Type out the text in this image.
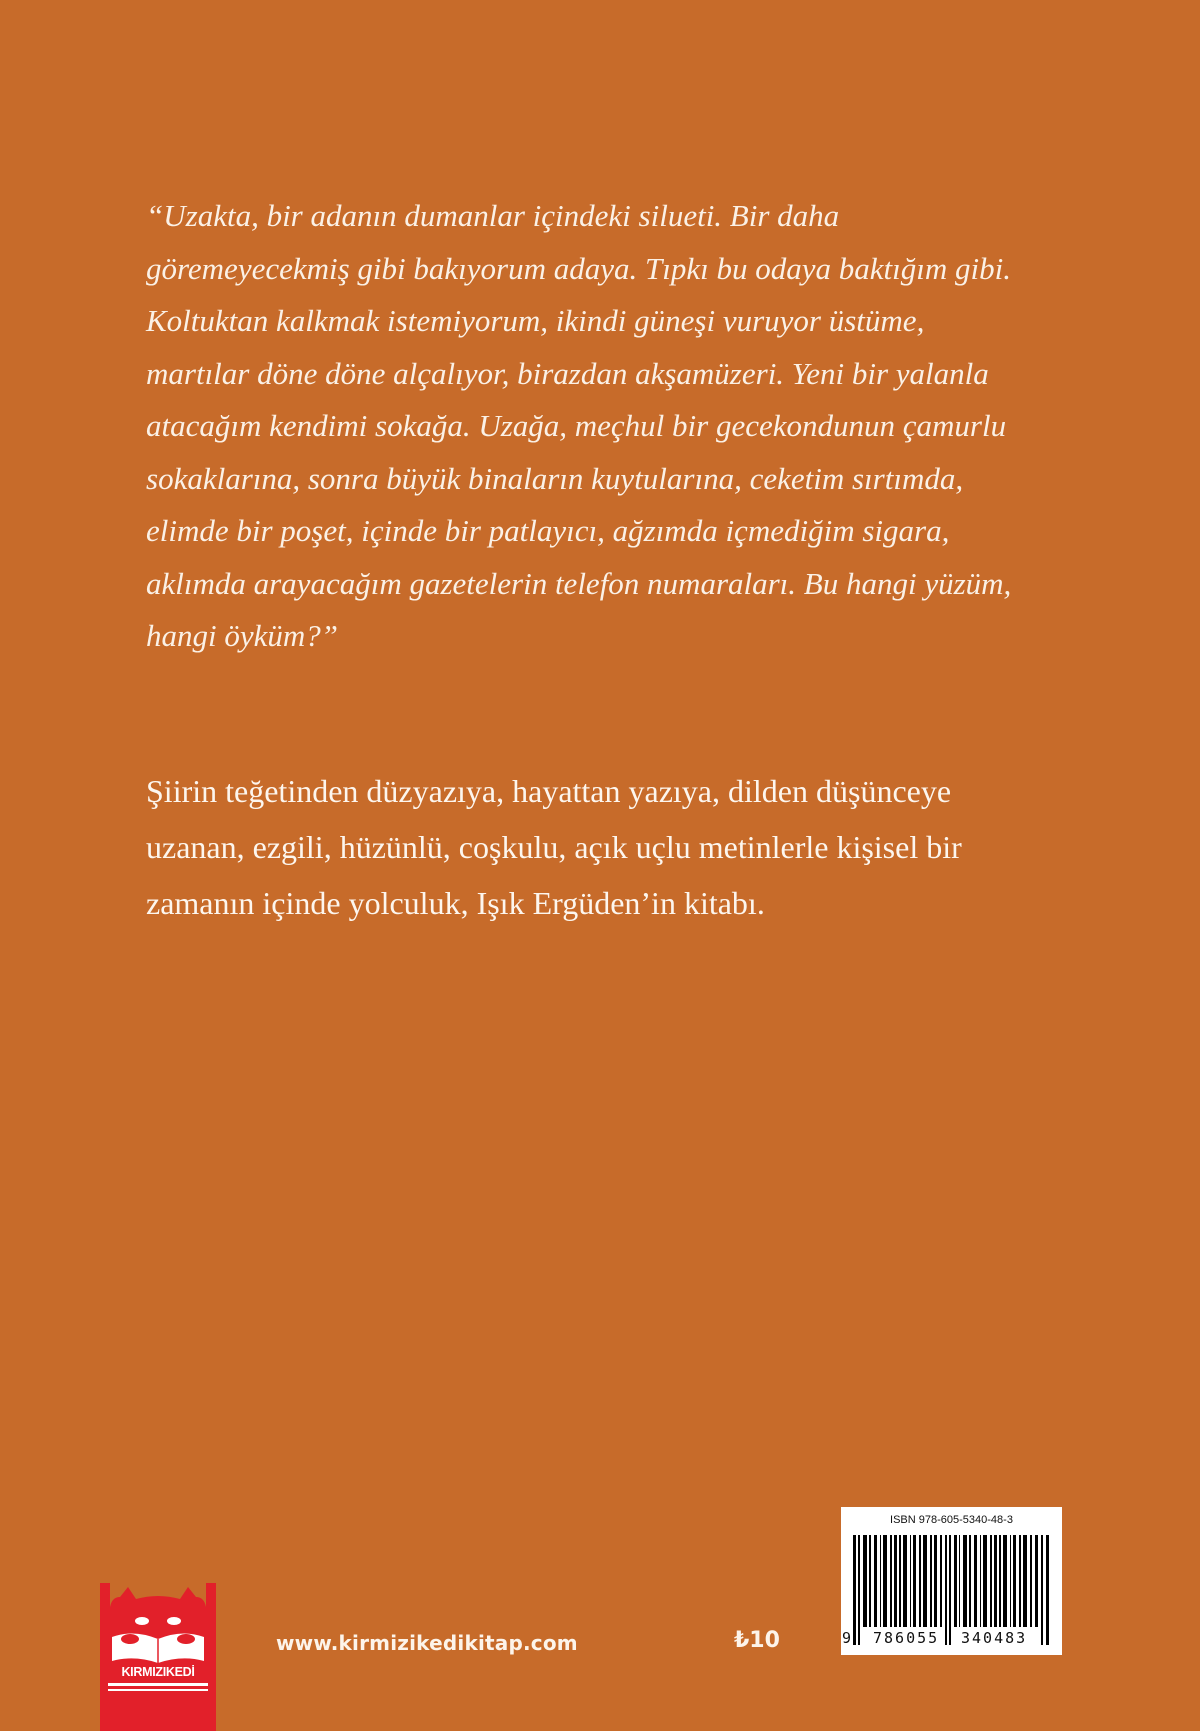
“Uzakta, bir adanın dumanlar içindeki silueti. Bir daha
göremeyecekmiş gibi bakıyorum adaya. Tıpkı bu odaya baktığım gibi.
Koltuktan kalkmak istemiyorum, ikindi güneşi vuruyor üstüme,
martılar döne döne alçalıyor, birazdan akşamüzeri. Yeni bir yalanla
atacağım kendimi sokağa. Uzağa, meçhul bir gecekondunun çamurlu
sokaklarına, sonra büyük binaların kuytularına, ceketim sırtımda,
elimde bir poşet, içinde bir patlayıcı, ağzımda içmediğim sigara,
aklımda arayacağım gazetelerin telefon numaraları. Bu hangi yüzüm,
hangi öyküm?”
Şiirin teğetinden düzyazıya, hayattan yazıya, dilden düşünceye
uzanan, ezgili, hüzünlü, coşkulu, açık uçlu metinlerle kişisel bir
zamanın içinde yolculuk, Işık Ergüden’in kitabı.
KIRMIZIKEDİ
www.kirmizikedikitap.com	₺10
ISBN 978-605-5340-48-3
9 786055 340483
